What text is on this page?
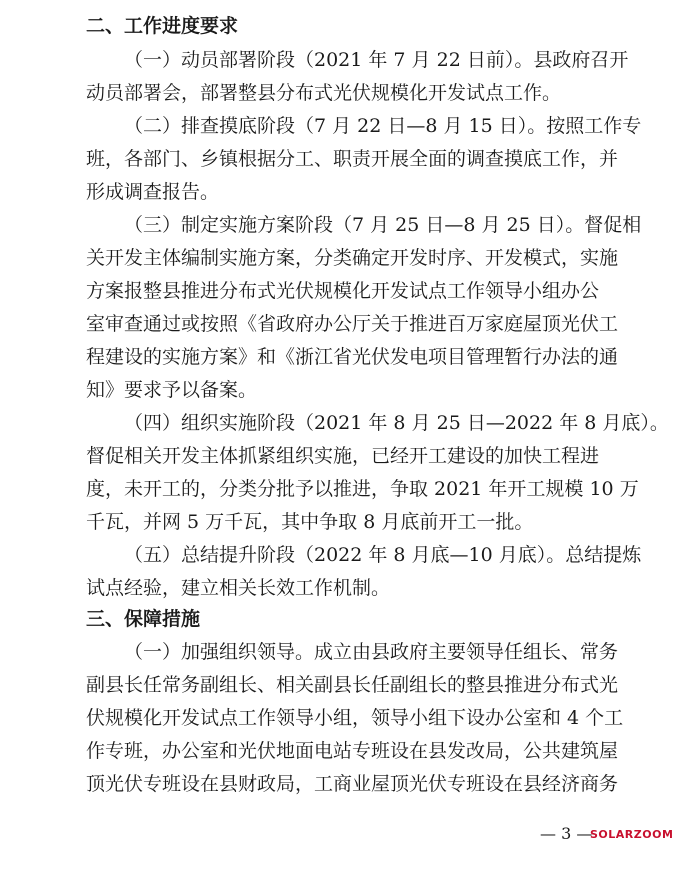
二、工作进度要求
（一）动员部署阶段（2021 年 7 月 22 日前）。县政府召开
动员部署会，部署整县分布式光伏规模化开发试点工作。
（二）排查摸底阶段（7 月 22 日—8 月 15 日）。按照工作专
班，各部门、乡镇根据分工、职责开展全面的调查摸底工作，并
形成调查报告。
（三）制定实施方案阶段（7 月 25 日—8 月 25 日）。督促相
关开发主体编制实施方案，分类确定开发时序、开发模式，实施
方案报整县推进分布式光伏规模化开发试点工作领导小组办公
室审查通过或按照《省政府办公厅关于推进百万家庭屋顶光伏工
程建设的实施方案》和《浙江省光伏发电项目管理暂行办法的通
知》要求予以备案。
（四）组织实施阶段（2021 年 8 月 25 日—2022 年 8 月底）。
督促相关开发主体抓紧组织实施，已经开工建设的加快工程进
度，未开工的，分类分批予以推进，争取 2021 年开工规模 10 万
千瓦，并网 5 万千瓦，其中争取 8 月底前开工一批。
（五）总结提升阶段（2022 年 8 月底—10 月底）。总结提炼
试点经验，建立相关长效工作机制。
三、保障措施
（一）加强组织领导。成立由县政府主要领导任组长、常务
副县长任常务副组长、相关副县长任副组长的整县推进分布式光
伏规模化开发试点工作领导小组，领导小组下设办公室和 4 个工
作专班，办公室和光伏地面电站专班设在县发改局，公共建筑屋
顶光伏专班设在县财政局，工商业屋顶光伏专班设在县经济商务
— 3 —
SOLARZOOM
